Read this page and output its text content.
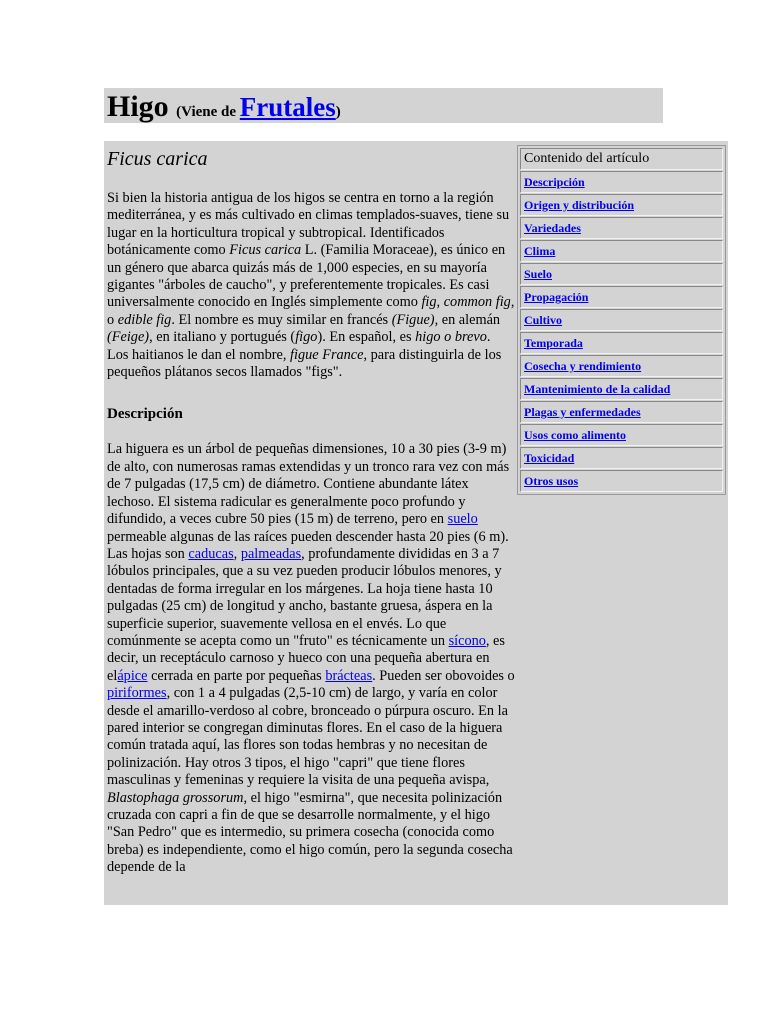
Higo (Viene de Frutales)
Ficus carica

Si bien la historia antigua de los higos se centra en torno a la región mediterránea, y es más cultivado en climas templados-suaves, tiene su lugar en la horticultura tropical y subtropical. Identificados botánicamente como Ficus carica L. (Familia Moraceae), es único en un género que abarca quizás más de 1,000 especies, en su mayoría gigantes "árboles de caucho", y preferentemente tropicales. Es casi universalmente conocido en Inglés simplemente como fig, common fig, o edible fig. El nombre es muy similar en francés (Figue), en alemán (Feige), en italiano y portugués (figo). En español, es higo o brevo. Los haitianos le dan el nombre, figue France, para distinguirla de los pequeños plátanos secos llamados "figs".

Descripción

La higuera es un árbol de pequeñas dimensiones, 10 a 30 pies (3-9 m) de alto, con numerosas ramas extendidas y un tronco rara vez con más de 7 pulgadas (17,5 cm) de diámetro. Contiene abundante látex lechoso. El sistema radicular es generalmente poco profundo y difundido, a veces cubre 50 pies (15 m) de terreno, pero en suelo permeable algunas de las raíces pueden descender hasta 20 pies (6 m). Las hojas son caducas, palmeadas, profundamente divididas en 3 a 7 lóbulos principales, que a su vez pueden producir lóbulos menores, y dentadas de forma irregular en los márgenes. La hoja tiene hasta 10 pulgadas (25 cm) de longitud y ancho, bastante gruesa, áspera en la superficie superior, suavemente vellosa en el envés. Lo que comúnmente se acepta como un "fruto" es técnicamente un sícono, es decir, un receptáculo carnoso y hueco con una pequeña abertura en elápice cerrada en parte por pequeñas brácteas. Pueden ser obovoides o piriformes, con 1 a 4 pulgadas (2,5-10 cm) de largo, y varía en color desde el amarillo-verdoso al cobre, bronceado o púrpura oscuro. En la pared interior se congregan diminutas flores. En el caso de la higuera común tratada aquí, las flores son todas hembras y no necesitan de polinización. Hay otros 3 tipos, el higo "capri" que tiene flores masculinas y femeninas y requiere la visita de una pequeña avispa, Blastophaga grossorum, el higo "esmirna", que necesita polinización cruzada con capri a fin de que se desarrolle normalmente, y el higo "San Pedro" que es intermedio, su primera cosecha (conocida como breba) es independiente, como el higo común, pero la segunda cosecha depende de la

Contenido del artículo
Descripción
Origen y distribución
Variedades
Clima
Suelo
Propagación
Cultivo
Temporada
Cosecha y rendimiento
Mantenimiento de la calidad
Plagas y enfermedades
Usos como alimento
Toxicidad
Otros usos
